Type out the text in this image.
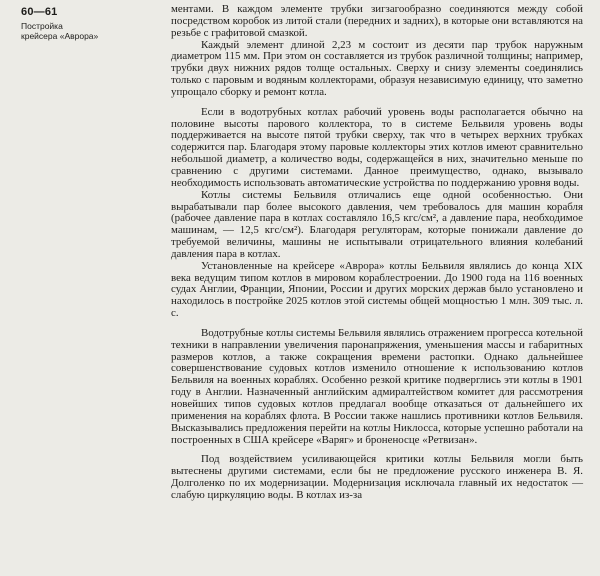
60—61
Постройка
крейсера «Аврора»

ментами. В каждом элементе трубки зигзагообразно соединяются между собой посредством коробок из литой стали (передних и задних), в которые они вставляются на резьбе с графитовой смазкой.

Каждый элемент длиной 2,23 м состоит из десяти пар трубок наружным диаметром 115 мм. При этом он составляется из трубок различной толщины; например, трубки двух нижних рядов толще остальных. Сверху и снизу элементы соединялись только с паровым и водяным коллекторами, образуя независимую единицу, что заметно упрощало сборку и ремонт котла.

Если в водотрубных котлах рабочий уровень воды располагается обычно на половине высоты парового коллектора, то в системе Бельвиля уровень воды поддерживается на высоте пятой трубки сверху, так что в четырех верхних трубках содержится пар. Благодаря этому паровые коллекторы этих котлов имеют сравнительно небольшой диаметр, а количество воды, содержащейся в них, значительно меньше по сравнению с другими системами. Данное преимущество, однако, вызывало необходимость использовать автоматические устройства по поддержанию уровня воды.

Котлы системы Бельвиля отличались еще одной особенностью. Они вырабатывали пар более высокого давления, чем требовалось для машин корабля (рабочее давление пара в котлах составляло 16,5 кгс/см², а давление пара, необходимое машинам, — 12,5 кгс/см²). Благодаря регуляторам, которые понижали давление до требуемой величины, машины не испытывали отрицательного влияния колебаний давления пара в котлах.

Установленные на крейсере «Аврора» котлы Бельвиля являлись до конца XIX века ведущим типом котлов в мировом кораблестроении. До 1900 года на 116 военных судах Англии, Франции, Японии, России и других морских держав было установлено и находилось в постройке 2025 котлов этой системы общей мощностью 1 млн. 309 тыс. л. с.

Водотрубные котлы системы Бельвиля являлись отражением прогресса котельной техники в направлении увеличения паронапряжения, уменьшения массы и габаритных размеров котлов, а также сокращения времени растопки. Однако дальнейшее совершенствование судовых котлов изменило отношение к использованию котлов Бельвиля на военных кораблях. Особенно резкой критике подверглись эти котлы в 1901 году в Англии. Назначенный английским адмиралтейством комитет для рассмотрения новейших типов судовых котлов предлагал вообще отказаться от дальнейшего их применения на кораблях флота. В России также нашлись противники котлов Бельвиля. Высказывались предложения перейти на котлы Никлосса, которые успешно работали на построенных в США крейсере «Варяг» и броненосце «Ретвизан».

Под воздействием усиливающейся критики котлы Бельвиля могли быть вытеснены другими системами, если бы не предложение русского инженера В. Я. Долголенко по их модернизации. Модернизация исключала главный их недостаток — слабую циркуляцию воды. В котлах из-за
